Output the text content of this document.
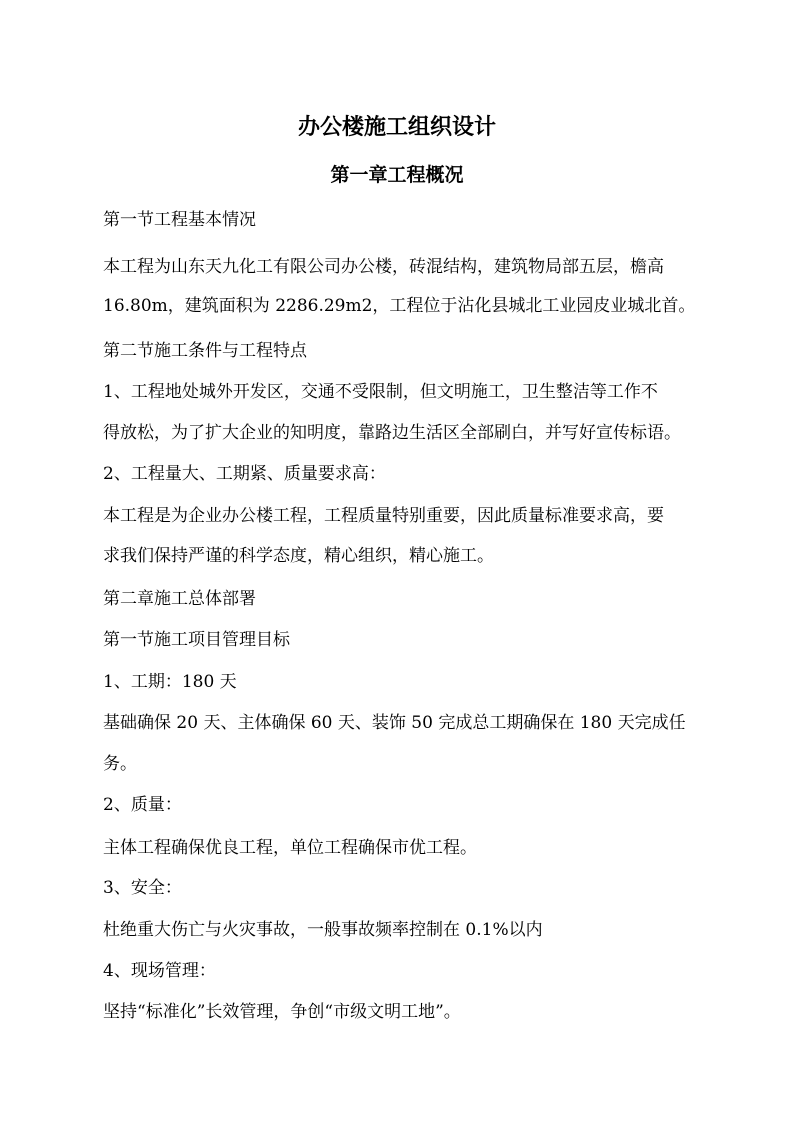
办公楼施工组织设计
第一章工程概况
第一节工程基本情况
本工程为山东天九化工有限公司办公楼，砖混结构，建筑物局部五层，檐高
16.80m，建筑面积为 2286.29m2，工程位于沾化县城北工业园皮业城北首。
第二节施工条件与工程特点
1、工程地处城外开发区，交通不受限制，但文明施工，卫生整洁等工作不
得放松，为了扩大企业的知明度，靠路边生活区全部刷白，并写好宣传标语。
2、工程量大、工期紧、质量要求高：
本工程是为企业办公楼工程，工程质量特别重要，因此质量标准要求高，要
求我们保持严谨的科学态度，精心组织，精心施工。
第二章施工总体部署
第一节施工项目管理目标
1、工期：180 天
基础确保 20 天、主体确保 60 天、装饰 50 完成总工期确保在 180 天完成任
务。
2、质量：
主体工程确保优良工程，单位工程确保市优工程。
3、安全：
杜绝重大伤亡与火灾事故，一般事故频率控制在 0.1%以内
4、现场管理：
坚持“标准化”长效管理，争创“市级文明工地”。
